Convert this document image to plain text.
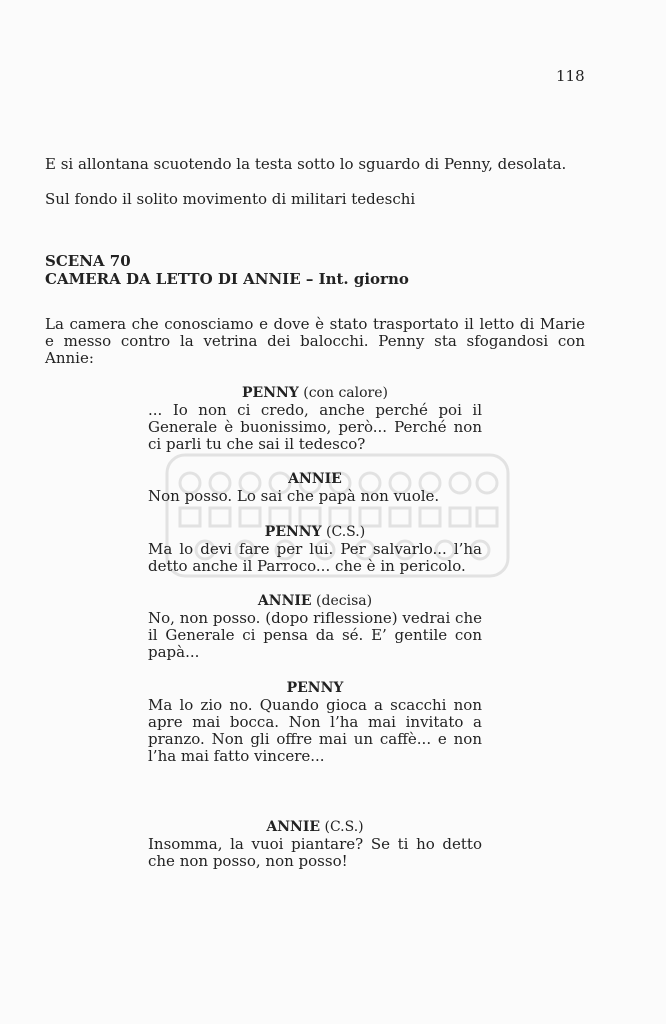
118

E si allontana scuotendo la testa sotto lo sguardo di Penny, desolata.

Sul fondo il solito movimento di militari tedeschi

SCENA 70
CAMERA DA LETTO DI ANNIE – Int. giorno
La camera che conosciamo e dove è stato trasportato il letto di Marie e messo contro la vetrina dei balocchi. Penny sta sfogandosi con Annie:
PENNY (con calore)
... Io non ci credo, anche perché poi il Generale è buonissimo, però... Perché non ci parli tu che sai il tedesco?
ANNIE
Non posso. Lo sai che papà non vuole.
PENNY (C.S.)
Ma lo devi fare per lui. Per salvarlo... l’ha detto anche il Parroco... che è in pericolo.
ANNIE (decisa)
No, non posso. (dopo riflessione) vedrai che il Generale ci pensa da sé. E’ gentile con papà...
PENNY
Ma lo zio no. Quando gioca a scacchi non apre mai bocca. Non l’ha mai invitato a pranzo. Non gli offre mai un caffè... e non l’ha mai fatto vincere...
ANNIE (C.S.)
Insomma, la vuoi piantare? Se ti ho detto che non posso, non posso!
